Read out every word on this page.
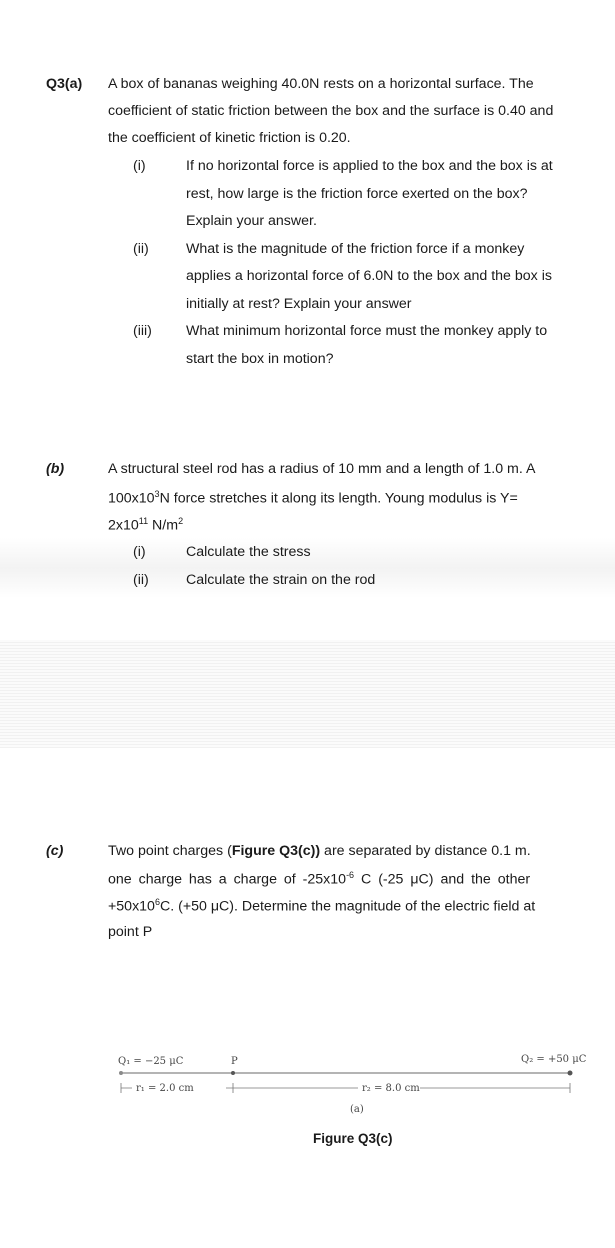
Q3(a) A box of bananas weighing 40.0N rests on a horizontal surface. The
coefficient of static friction between the box and the surface is 0.40 and
the coefficient of kinetic friction is 0.20.
(i)	If no horizontal force is applied to the box and the box is at
rest, how large is the friction force exerted on the box?
Explain your answer.
(ii)	What is the magnitude of the friction force if a monkey
applies a horizontal force of 6.0N to the box and the box is
initially at rest? Explain your answer
(iii) What minimum horizontal force must the monkey apply to
start the box in motion?
(b)	A structural steel rod has a radius of 10 mm and a length of 1.0 m. A
$100x10^3N$ force stretches it along its length. Young modulus is Y=
$2x10^{11}$ $N/m^2$
(i)	Calculate the stress
(ii)	Calculate the strain on the rod
(c)	Two point charges (Figure Q3(c)) are separated by distance 0.1 m.
one charge has a charge of $-25x10^{-6}$ C (-25 μC) and the other
$+50x10^6C$. (+50 μC). Determine the magnitude of the electric field at
point P
Q₁ = −25 μC	P	Q₂ = +50 μC
r₁ = 2.0 cm	r₂ = 8.0 cm
(a)
Figure Q3(c)
